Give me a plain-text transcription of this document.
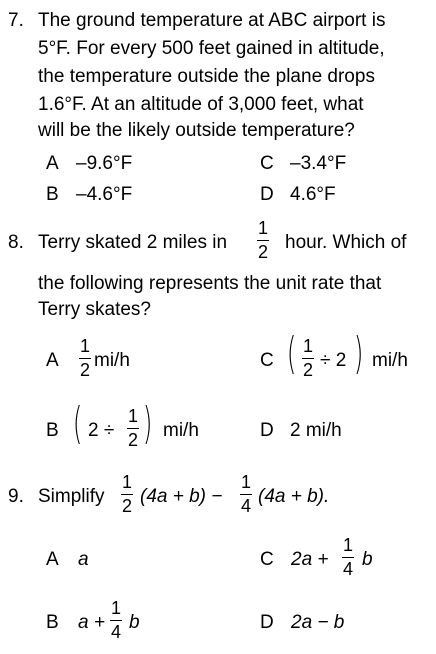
7. The ground temperature at ABC airport is
5°F. For every 500 feet gained in altitude,
the temperature outside the plane drops
1.6°F. At an altitude of 3,000 feet, what
will be the likely outside temperature?
A –9.6°F	C –3.4°F
B –4.6°F	D 4.6°F
8. Terry skated 2 miles in
1
2 hour. Which of
the following represents the unit rate that
Terry skates?
A
1
2 mi/h	C ( 1
2 ÷ 2 ) mi/h
B ( 2 ÷
1
2 ) mi/h	D 2 mi/h
9. Simplify
1
2 (4a + b) −
1
4 (4a + b).
A a	C 2a +
1
4 b
B a +
1
4 b	D 2a − b
